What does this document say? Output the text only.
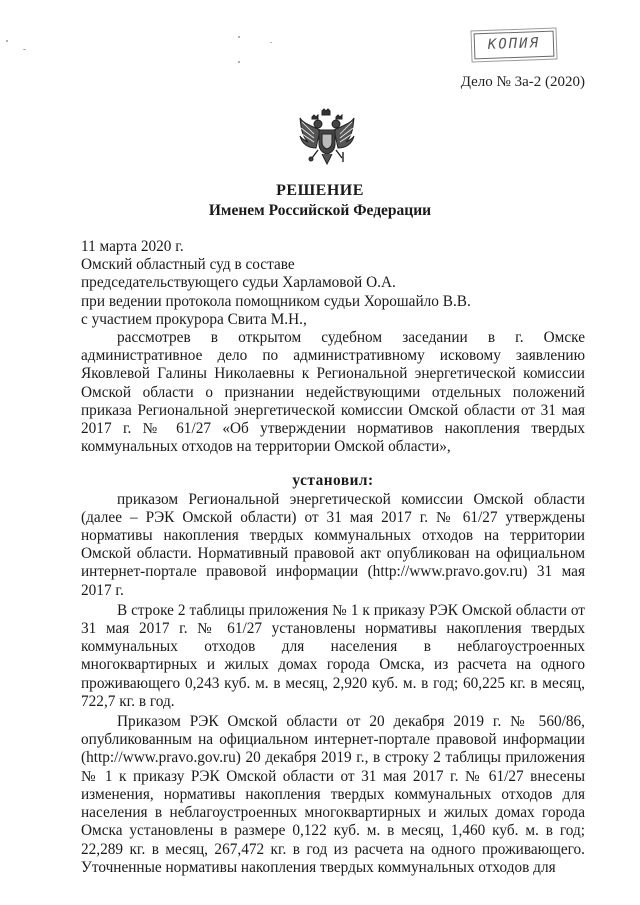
КОПИЯ
Дело № 3а-2 (2020)
РЕШЕНИЕ
Именем Российской Федерации

11 марта 2020 г.

Омский областный суд в составе

председательствующего судьи Харламовой О.А.

при ведении протокола помощником судьи Хорошайло В.В.

с участием прокурора Свита М.Н.,

рассмотрев в открытом судебном заседании в г. Омске административное дело по административному исковому заявлению Яковлевой Галины Николаевны к Региональной энергетической комиссии Омской области о признании недействующими отдельных положений приказа Региональной энергетической комиссии Омской области от 31 мая 2017 г. № 61/27 «Об утверждении нормативов накопления твердых коммунальных отходов на территории Омской области»,

установил:

приказом Региональной энергетической комиссии Омской области (далее – РЭК Омской области) от 31 мая 2017 г. № 61/27 утверждены нормативы накопления твердых коммунальных отходов на территории Омской области. Нормативный правовой акт опубликован на официальном интернет-портале правовой информации (http://www.pravo.gov.ru) 31 мая 2017 г.

В строке 2 таблицы приложения № 1 к приказу РЭК Омской области от 31 мая 2017 г. № 61/27 установлены нормативы накопления твердых коммунальных отходов для населения в неблагоустроенных многоквартирных и жилых домах города Омска, из расчета на одного проживающего 0,243 куб. м. в месяц, 2,920 куб. м. в год; 60,225 кг. в месяц, 722,7 кг. в год.

Приказом РЭК Омской области от 20 декабря 2019 г. № 560/86, опубликованным на официальном интернет-портале правовой информации (http://www.pravo.gov.ru) 20 декабря 2019 г., в строку 2 таблицы приложения № 1 к приказу РЭК Омской области от 31 мая 2017 г. № 61/27 внесены изменения, нормативы накопления твердых коммунальных отходов для населения в неблагоустроенных многоквартирных и жилых домах города Омска установлены в размере 0,122 куб. м. в месяц, 1,460 куб. м. в год; 22,289 кг. в месяц, 267,472 кг. в год из расчета на одного проживающего. Уточненные нормативы накопления твердых коммунальных отходов для
